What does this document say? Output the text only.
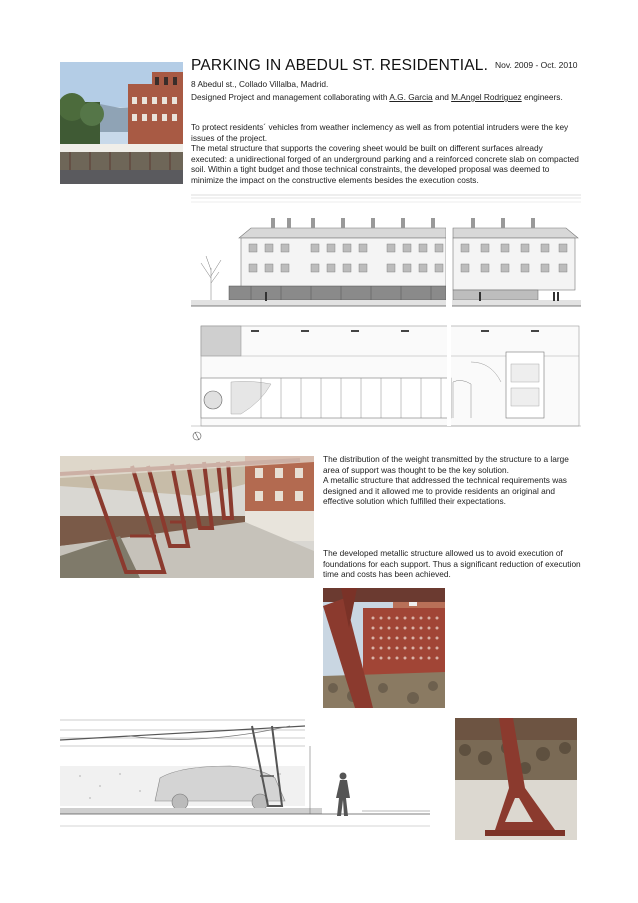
PARKING IN ABEDUL ST. RESIDENTIAL. Nov. 2009 - Oct. 2010
8 Abedul st., Collado Villalba, Madrid.
Designed Project and management collaborating with A.G. Garcia and M.Angel Rodriguez engineers.
To protect residents´ vehicles from weather inclemency as well as from potential intruders were the key issues of the project.
The metal structure that supports the covering sheet would be built on different surfaces already executed: a unidirectional forged of an underground parking and a reinforced concrete slab on compacted soil. Within a tight budget and those technical constraints, the developed proposal was deemed to minimize the impact on the constructive elements besides the execution costs.
The distribution of the weight transmitted by the structure to a large area of support was thought to be the key solution.
A metallic structure that addressed the technical requirements was designed and it allowed me to provide residents an original and effective solution which fulfilled their expectations.
The developed metallic structure allowed us to avoid execution of foundations for each support. Thus a significant reduction of execution time and costs has been achieved.
